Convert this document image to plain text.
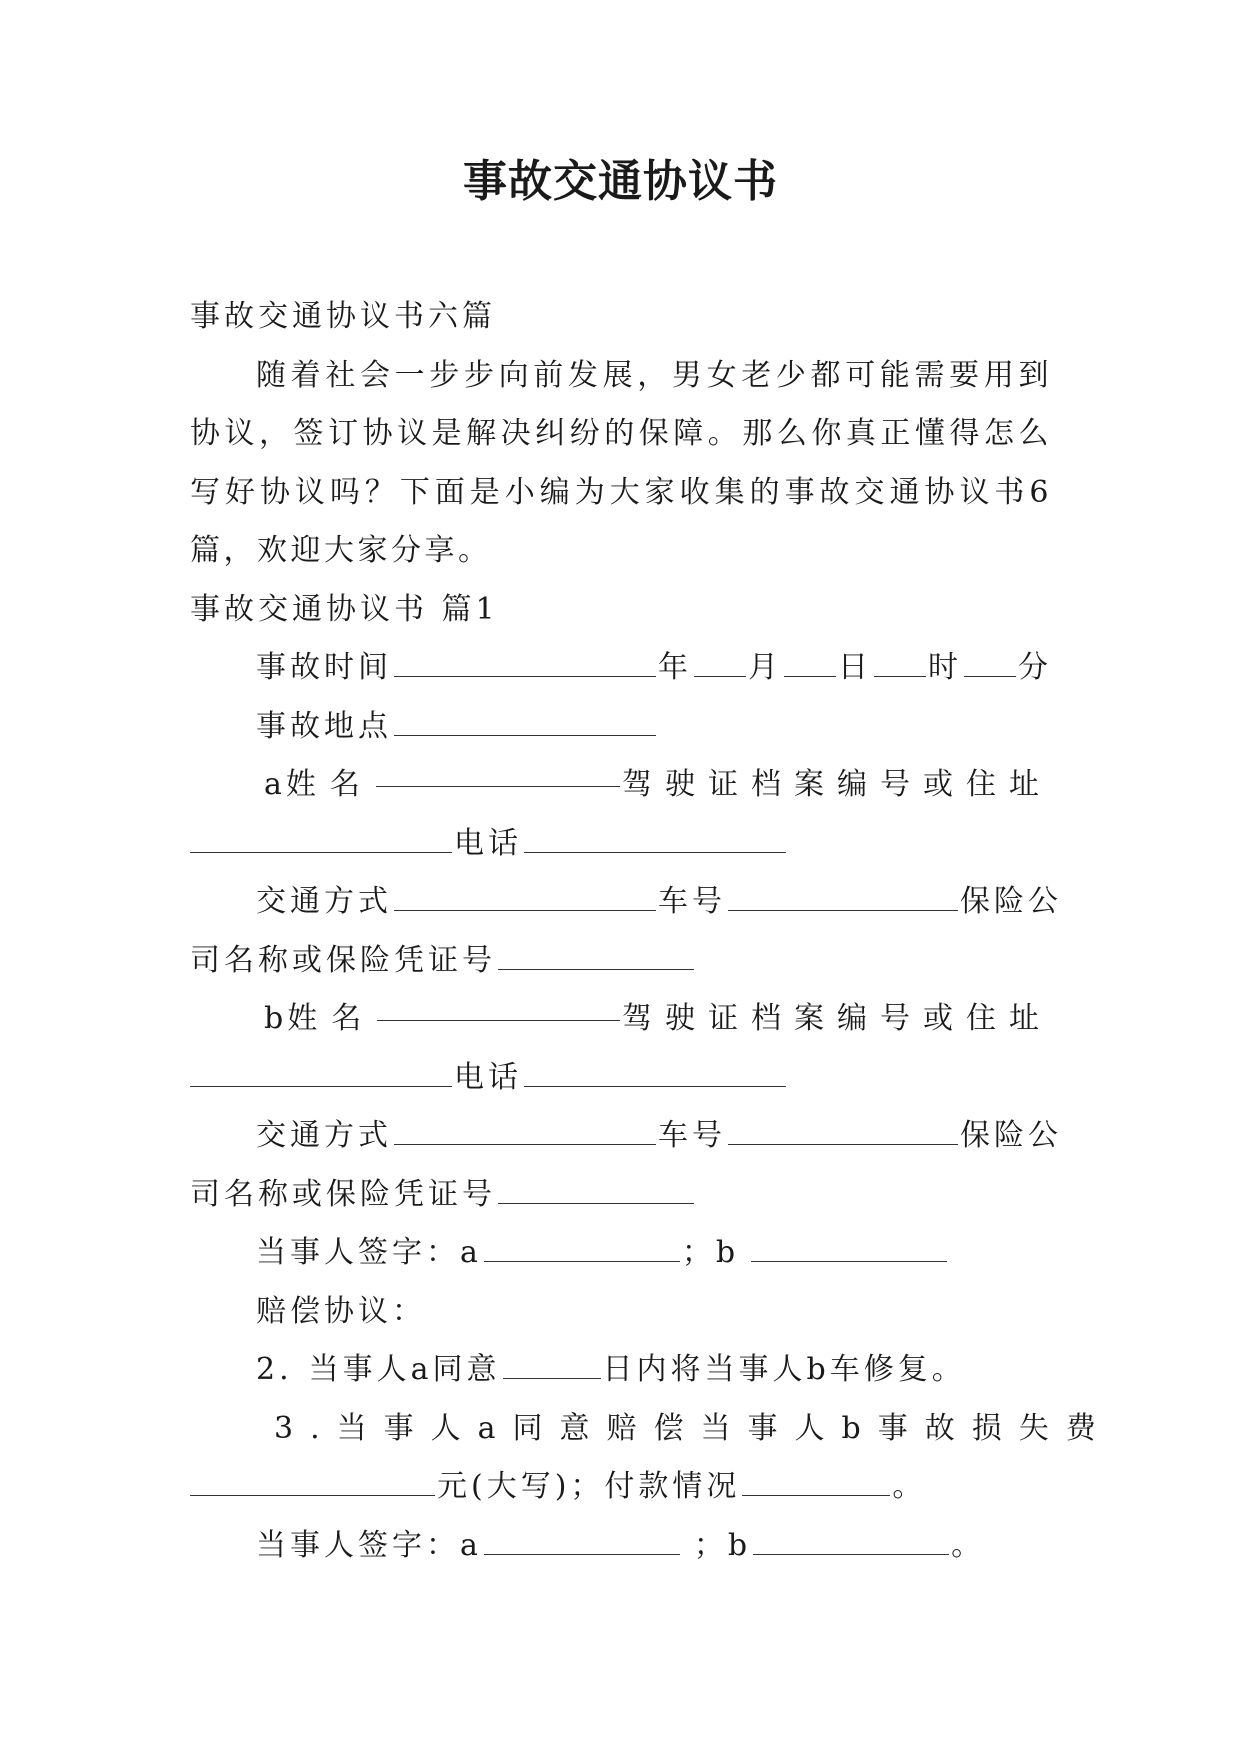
事故交通协议书
事故交通协议书六篇
随着社会一步步向前发展，男女老少都可能需要用到协议，签订协议是解决纠纷的保障。那么你真正懂得怎么写好协议吗？下面是小编为大家收集的事故交通协议书6篇，欢迎大家分享。
事故交通协议书 篇1
事故时间	年 月 日 时 分
事故地点
a 姓名	驾驶证档案编号或住址
电话
交通方式	车号	保险公
司名称或保险凭证号
b 姓名	驾驶证档案编号或住址
电话
交通方式	车号	保险公
司名称或保险凭证号
当事人签字：a	；b
赔偿协议：
2. 当事人a同意	日内将当事人b车修复。
3.当事人a同意赔偿当事人b事故损失费
元(大写)；付款情况	。
当事人签字：a	；b	。
